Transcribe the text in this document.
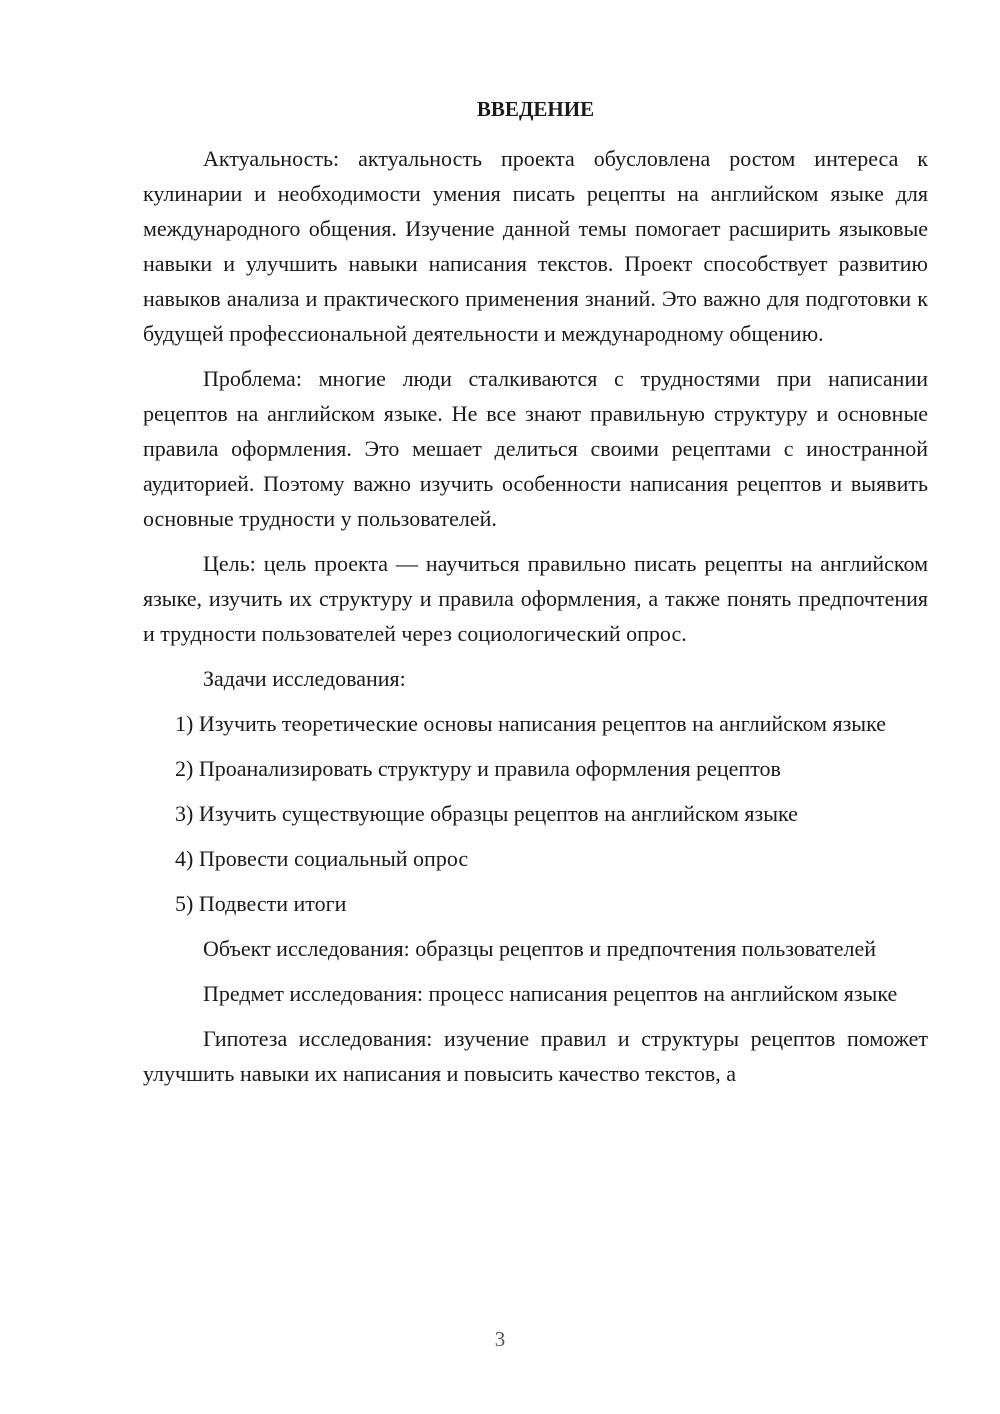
ВВЕДЕНИЕ

Актуальность: актуальность проекта обусловлена ростом интереса к кулинарии и необходимости умения писать рецепты на английском языке для международного общения. Изучение данной темы помогает расширить языковые навыки и улучшить навыки написания текстов. Проект способствует развитию навыков анализа и практического применения знаний. Это важно для подготовки к будущей профессиональной деятельности и международному общению.

Проблема: многие люди сталкиваются с трудностями при написании рецептов на английском языке. Не все знают правильную структуру и основные правила оформления. Это мешает делиться своими рецептами с иностранной аудиторией. Поэтому важно изучить особенности написания рецептов и выявить основные трудности у пользователей.

Цель: цель проекта — научиться правильно писать рецепты на английском языке, изучить их структуру и правила оформления, а также понять предпочтения и трудности пользователей через социологический опрос.

Задачи исследования:

1) Изучить теоретические основы написания рецептов на английском языке

2) Проанализировать структуру и правила оформления рецептов

3) Изучить существующие образцы рецептов на английском языке

4) Провести социальный опрос

5) Подвести итоги

Объект исследования: образцы рецептов и предпочтения пользователей

Предмет исследования: процесс написания рецептов на английском языке

Гипотеза исследования: изучение правил и структуры рецептов поможет улучшить навыки их написания и повысить качество текстов, а

3
